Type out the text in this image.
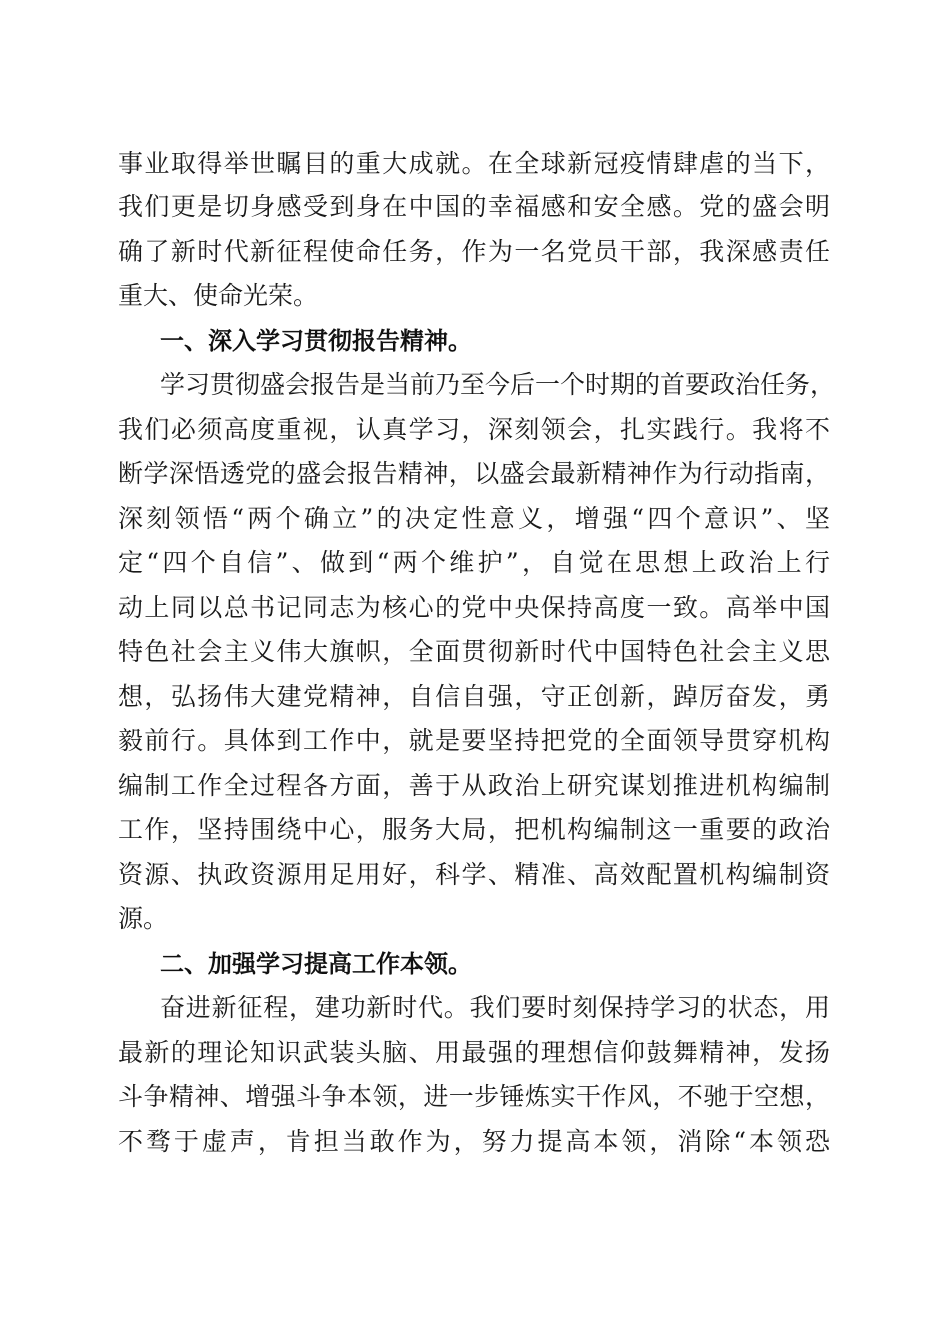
事业取得举世瞩目的重大成就。在全球新冠疫情肆虐的当下，

我们更是切身感受到身在中国的幸福感和安全感。党的盛会明

确了新时代新征程使命任务，作为一名党员干部，我深感责任

重大、使命光荣。

一、深入学习贯彻报告精神。

学习贯彻盛会报告是当前乃至今后一个时期的首要政治任务，

我们必须高度重视，认真学习，深刻领会，扎实践行。我将不

断学深悟透党的盛会报告精神，以盛会最新精神作为行动指南，

深刻领悟“两个确立”的决定性意义，增强“四个意识”、坚

定“四个自信”、做到“两个维护”，自觉在思想上政治上行

动上同以总书记同志为核心的党中央保持高度一致。高举中国

特色社会主义伟大旗帜，全面贯彻新时代中国特色社会主义思

想，弘扬伟大建党精神，自信自强，守正创新，踔厉奋发，勇

毅前行。具体到工作中，就是要坚持把党的全面领导贯穿机构

编制工作全过程各方面，善于从政治上研究谋划推进机构编制

工作，坚持围绕中心，服务大局，把机构编制这一重要的政治

资源、执政资源用足用好，科学、精准、高效配置机构编制资

源。

二、加强学习提高工作本领。

奋进新征程，建功新时代。我们要时刻保持学习的状态，用

最新的理论知识武装头脑、用最强的理想信仰鼓舞精神，发扬

斗争精神、增强斗争本领，进一步锤炼实干作风，不驰于空想，

不骛于虚声，肯担当敢作为，努力提高本领，消除“本领恐
